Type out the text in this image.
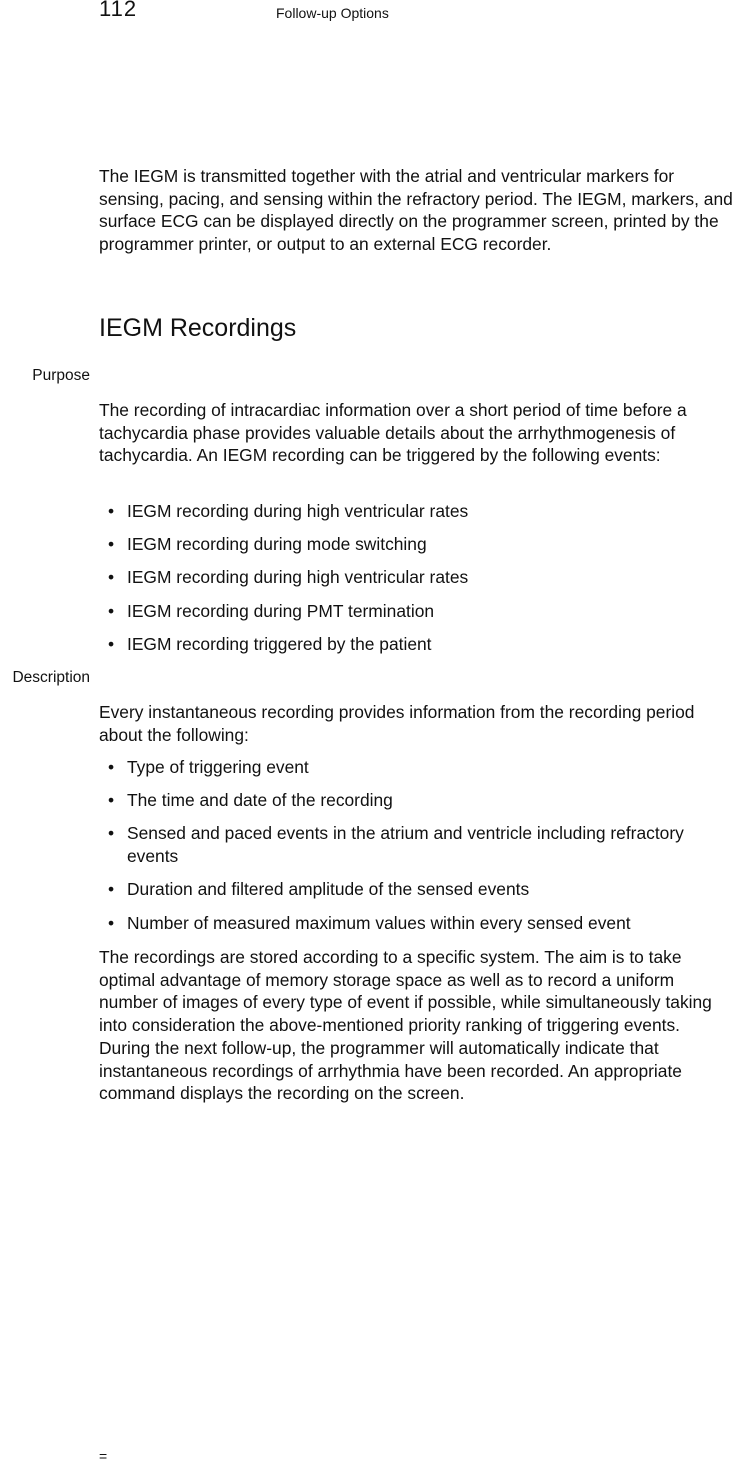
112	Follow-up Options

The IEGM is transmitted together with the atrial and ventricular markers for sensing, pacing, and sensing within the refractory period. The IEGM, markers, and surface ECG can be displayed directly on the programmer screen, printed by the programmer printer, or output to an external ECG recorder.

IEGM Recordings
Purpose

The recording of intracardiac information over a short period of time before a tachycardia phase provides valuable details about the arrhythmogenesis of tachycardia. An IEGM recording can be triggered by the following events:

• IEGM recording during high ventricular rates
• IEGM recording during mode switching
• IEGM recording during high ventricular rates
• IEGM recording during PMT termination
• IEGM recording triggered by the patient
Description

Every instantaneous recording provides information from the recording period about the following:

• Type of triggering event
• The time and date of the recording
• Sensed and paced events in the atrium and ventricle including refractory events
• Duration and filtered amplitude of the sensed events
• Number of measured maximum values within every sensed event

The recordings are stored according to a specific system. The aim is to take optimal advantage of memory storage space as well as to record a uniform number of images of every type of event if possible, while simultaneously taking into consideration the above-mentioned priority ranking of triggering events. During the next follow-up, the programmer will automatically indicate that instantaneous recordings of arrhythmia have been recorded. An appropriate command displays the recording on the screen.

=
